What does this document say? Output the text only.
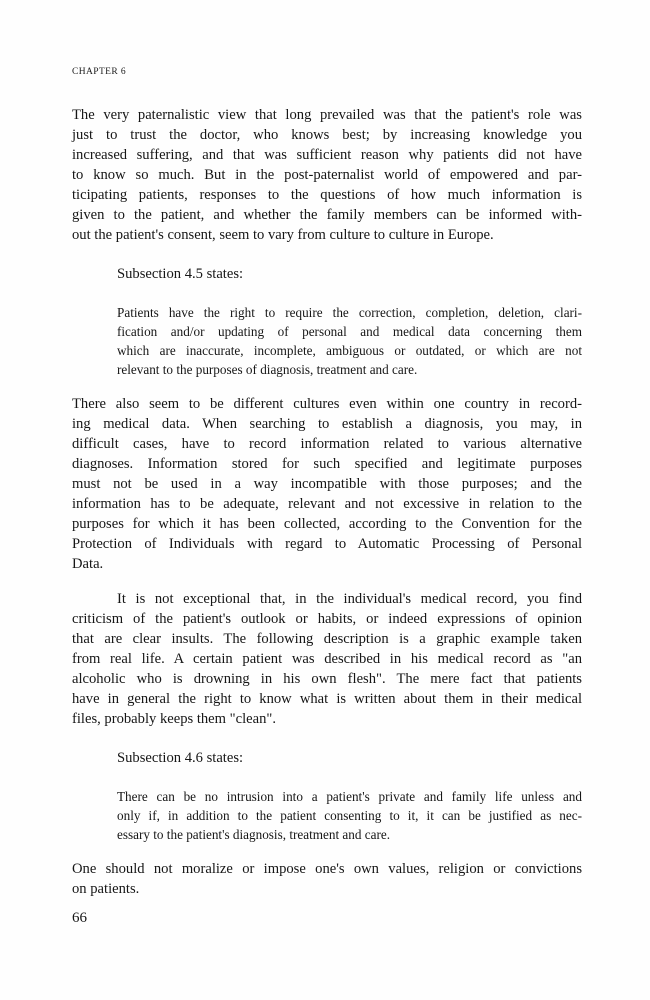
CHAPTER 6
The very paternalistic view that long prevailed was that the patient's role was
just to trust the doctor, who knows best; by increasing knowledge you
increased suffering, and that was sufficient reason why patients did not have
to know so much. But in the post-paternalist world of empowered and par-
ticipating patients, responses to the questions of how much information is
given to the patient, and whether the family members can be informed with-
out the patient's consent, seem to vary from culture to culture in Europe.
Subsection 4.5 states:
Patients have the right to require the correction, completion, deletion, clari-
fication and/or updating of personal and medical data concerning them
which are inaccurate, incomplete, ambiguous or outdated, or which are not
relevant to the purposes of diagnosis, treatment and care.
There also seem to be different cultures even within one country in record-
ing medical data. When searching to establish a diagnosis, you may, in
difficult cases, have to record information related to various alternative
diagnoses. Information stored for such specified and legitimate purposes
must not be used in a way incompatible with those purposes; and the
information has to be adequate, relevant and not excessive in relation to the
purposes for which it has been collected, according to the Convention for the
Protection of Individuals with regard to Automatic Processing of Personal
Data.
It is not exceptional that, in the individual's medical record, you find
criticism of the patient's outlook or habits, or indeed expressions of opinion
that are clear insults. The following description is a graphic example taken
from real life. A certain patient was described in his medical record as "an
alcoholic who is drowning in his own flesh". The mere fact that patients
have in general the right to know what is written about them in their medical
files, probably keeps them "clean".
Subsection 4.6 states:
There can be no intrusion into a patient's private and family life unless and
only if, in addition to the patient consenting to it, it can be justified as nec-
essary to the patient's diagnosis, treatment and care.
One should not moralize or impose one's own values, religion or convictions
on patients.
66
